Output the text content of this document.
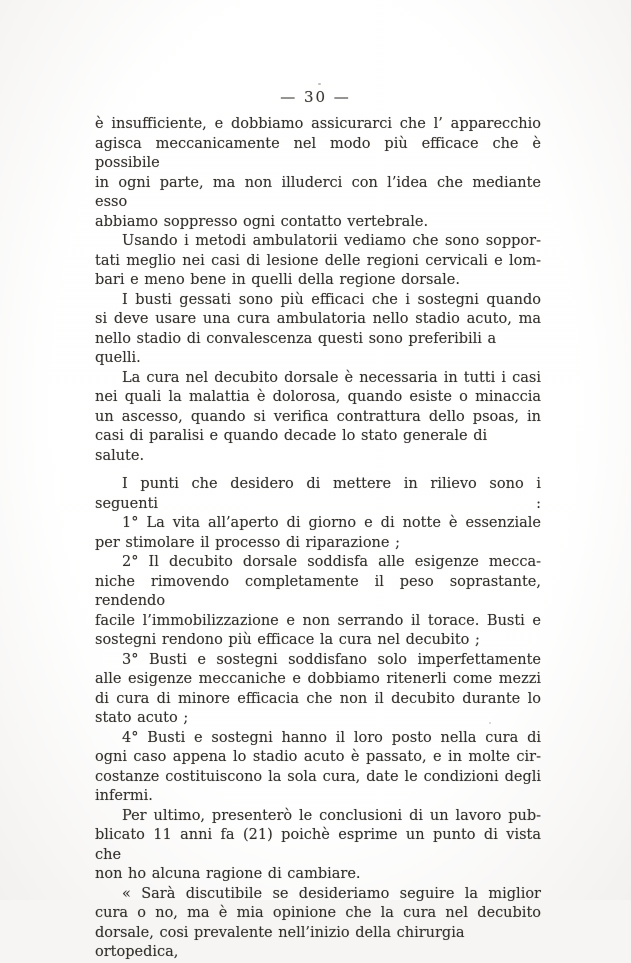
— 30 —
è insufficiente, e dobbiamo assicurarci che l’ apparecchio
agisca meccanicamente nel modo più efficace che è possibile
in ogni parte, ma non illuderci con l’idea che mediante esso
abbiamo soppresso ogni contatto vertebrale.
Usando i metodi ambulatorii vediamo che sono soppor-
tati meglio nei casi di lesione delle regioni cervicali e lom-
bari e meno bene in quelli della regione dorsale.
I busti gessati sono più efficaci che i sostegni quando
si deve usare una cura ambulatoria nello stadio acuto, ma
nello stadio di convalescenza questi sono preferibili a quelli.
La cura nel decubito dorsale è necessaria in tutti i casi
nei quali la malattia è dolorosa, quando esiste o minaccia
un ascesso, quando si verifica contrattura dello psoas, in
casi di paralisi e quando decade lo stato generale di salute.
I punti che desidero di mettere in rilievo sono i seguenti :
1° La vita all’aperto di giorno e di notte è essenziale
per stimolare il processo di riparazione ;
2° Il decubito dorsale soddisfa alle esigenze mecca-
niche rimovendo completamente il peso soprastante, rendendo
facile l’immobilizzazione e non serrando il torace. Busti e
sostegni rendono più efficace la cura nel decubito ;
3° Busti e sostegni soddisfano solo imperfettamente
alle esigenze meccaniche e dobbiamo ritenerli come mezzi
di cura di minore efficacia che non il decubito durante lo
stato acuto ;
4° Busti e sostegni hanno il loro posto nella cura di
ogni caso appena lo stadio acuto è passato, e in molte cir-
costanze costituiscono la sola cura, date le condizioni degli
infermi.
Per ultimo, presenterò le conclusioni di un lavoro pub-
blicato 11 anni fa (21) poichè esprime un punto di vista che
non ho alcuna ragione di cambiare.
« Sarà discutibile se desideriamo seguire la miglior
cura o no, ma è mia opinione che la cura nel decubito
dorsale, cosi prevalente nell’inizio della chirurgia ortopedica,
